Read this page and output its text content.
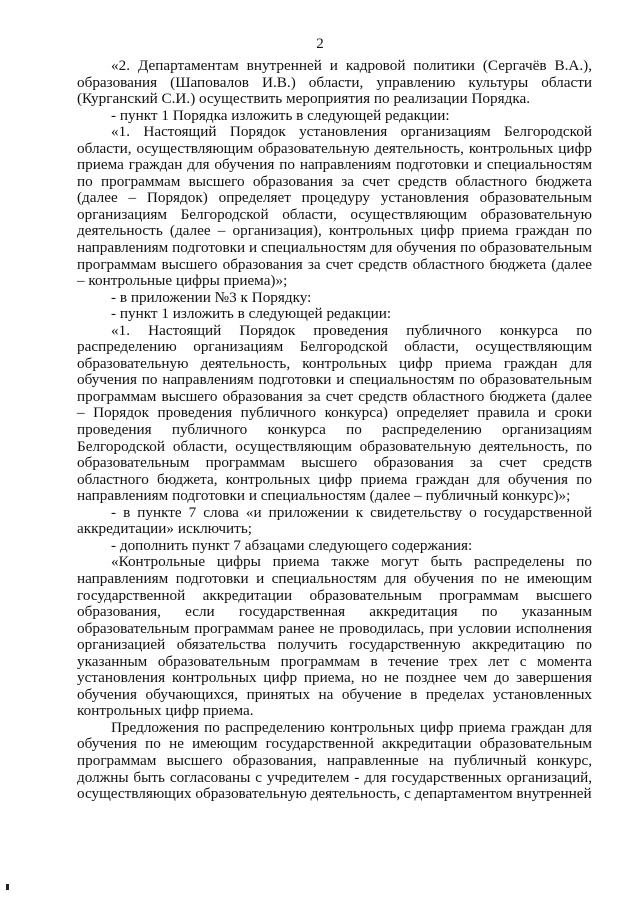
2

«2. Департаментам внутренней и кадровой политики (Сергачёв В.А.), образования (Шаповалов И.В.) области, управлению культуры области (Курганский С.И.) осуществить мероприятия по реализации Порядка.

- пункт 1 Порядка изложить в следующей редакции:

«1. Настоящий Порядок установления организациям Белгородской области, осуществляющим образовательную деятельность, контрольных цифр приема граждан для обучения по направлениям подготовки и специальностям по программам высшего образования за счет средств областного бюджета (далее – Порядок) определяет процедуру установления образовательным организациям Белгородской области, осуществляющим образовательную деятельность (далее – организация), контрольных цифр приема граждан по направлениям подготовки и специальностям для обучения по образовательным программам высшего образования за счет средств областного бюджета (далее – контрольные цифры приема)»;

- в приложении №3 к Порядку:

- пункт 1 изложить в следующей редакции:

«1. Настоящий Порядок проведения публичного конкурса по распределению организациям Белгородской области, осуществляющим образовательную деятельность, контрольных цифр приема граждан для обучения по направлениям подготовки и специальностям по образовательным программам высшего образования за счет средств областного бюджета (далее – Порядок проведения публичного конкурса) определяет правила и сроки проведения публичного конкурса по распределению организациям Белгородской области, осуществляющим образовательную деятельность, по образовательным программам высшего образования за счет средств областного бюджета, контрольных цифр приема граждан для обучения по направлениям подготовки и специальностям (далее – публичный конкурс)»;

- в пункте 7 слова «и приложении к свидетельству о государственной аккредитации» исключить;

- дополнить пункт 7 абзацами следующего содержания:

«Контрольные цифры приема также могут быть распределены по направлениям подготовки и специальностям для обучения по не имеющим государственной аккредитации образовательным программам высшего образования, если государственная аккредитация по указанным образовательным программам ранее не проводилась, при условии исполнения организацией обязательства получить государственную аккредитацию по указанным образовательным программам в течение трех лет с момента установления контрольных цифр приема, но не позднее чем до завершения обучения обучающихся, принятых на обучение в пределах установленных контрольных цифр приема.

Предложения по распределению контрольных цифр приема граждан для обучения по не имеющим государственной аккредитации образовательным программам высшего образования, направленные на публичный конкурс, должны быть согласованы с учредителем - для государственных организаций, осуществляющих образовательную деятельность, с департаментом внутренней
